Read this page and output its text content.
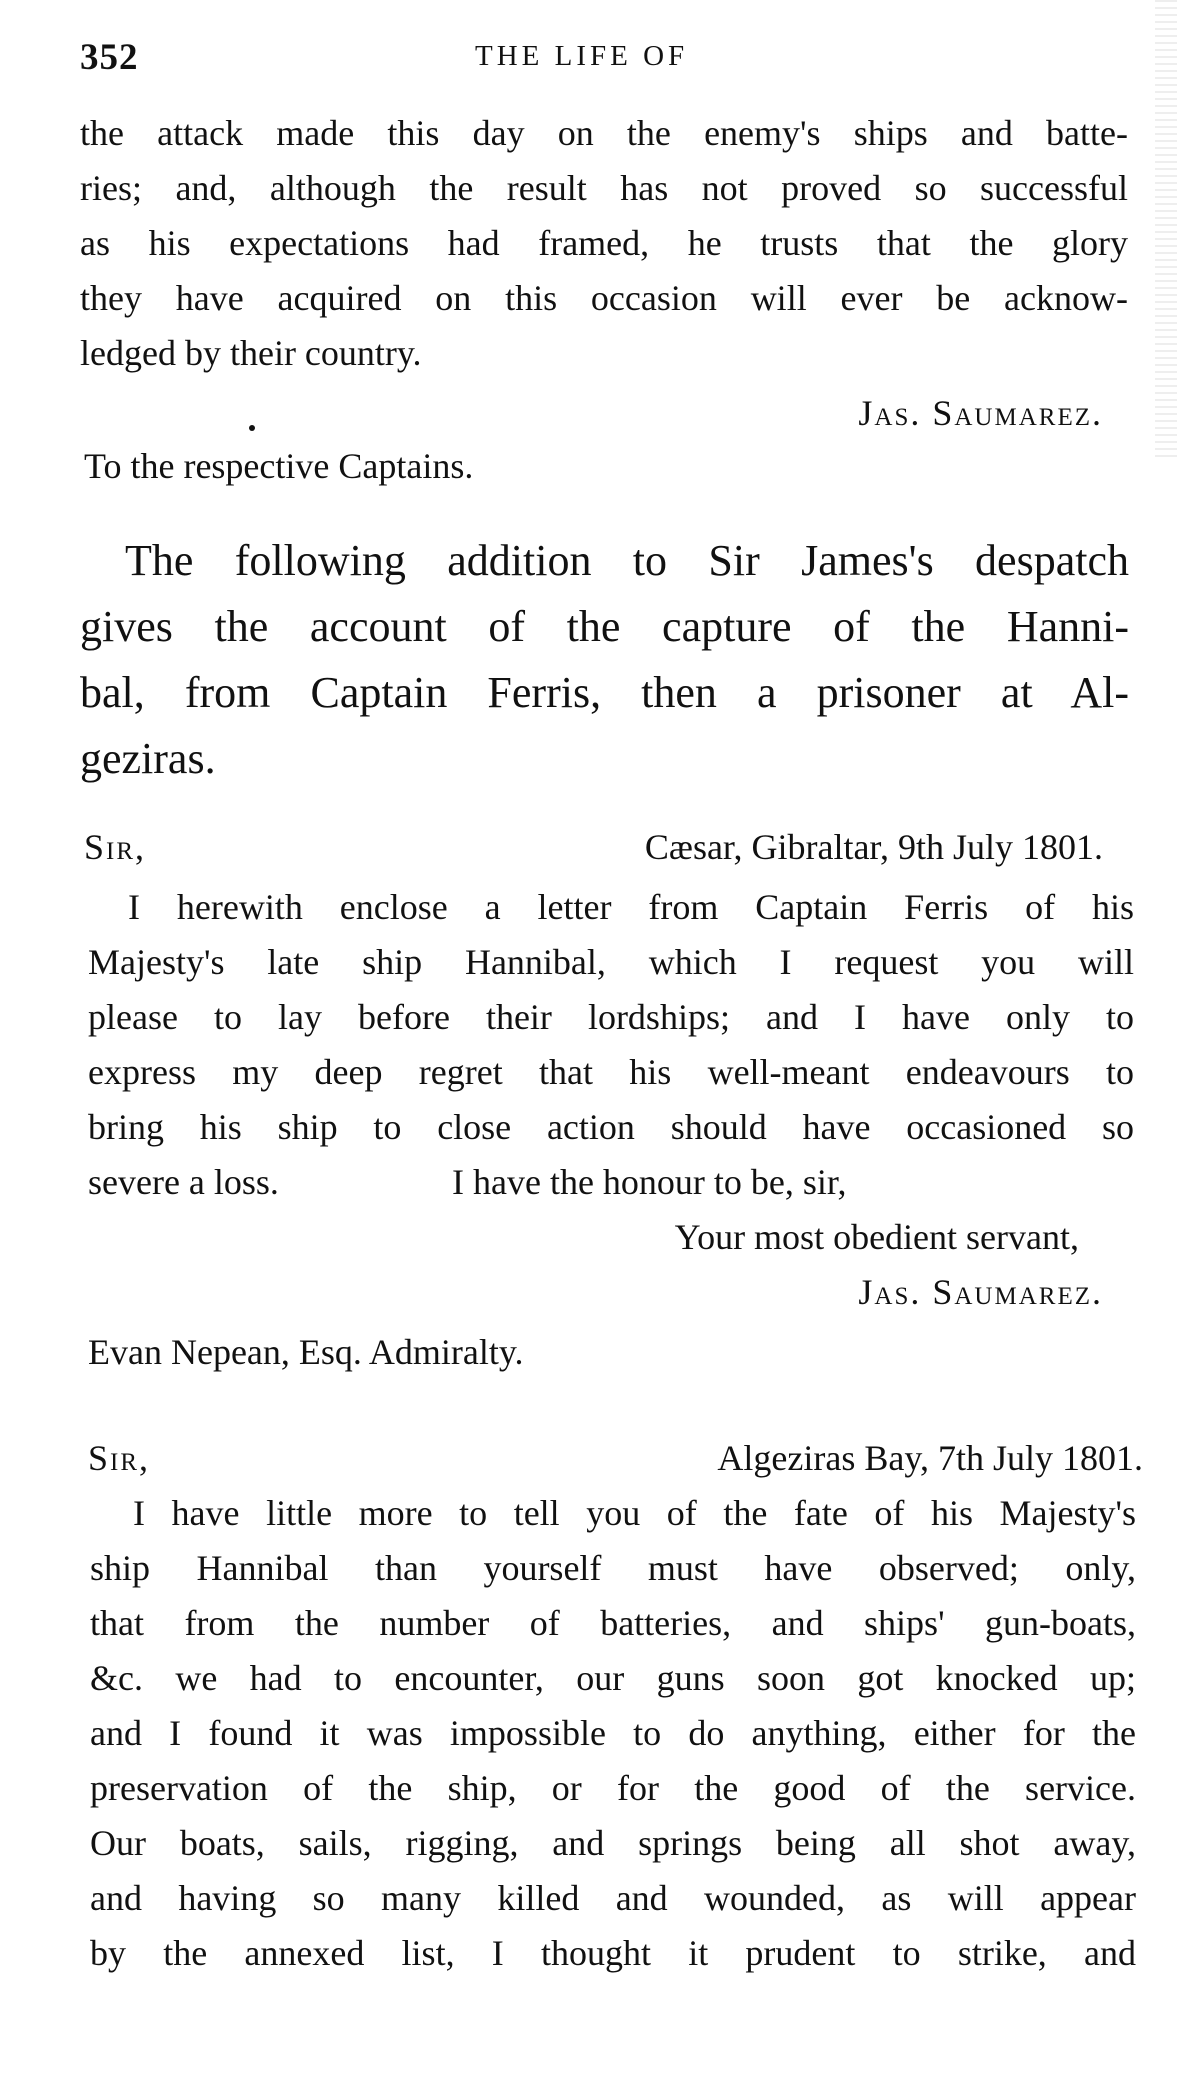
352	THE LIFE OF
the attack made this day on the enemy's ships and batte-
ries; and, although the result has not proved so successful
as his expectations had framed, he trusts that the glory
they have acquired on this occasion will ever be acknow-
ledged by their country.
Jas. Saumarez.
To the respective Captains.
The following addition to Sir James's despatch
gives the account of the capture of the Hanni-
bal, from Captain Ferris, then a prisoner at Al-
geziras.
Sir,	Cæsar, Gibraltar, 9th July 1801.
I herewith enclose a letter from Captain Ferris of his
Majesty's late ship Hannibal, which I request you will
please to lay before their lordships; and I have only to
express my deep regret that his well-meant endeavours to
bring his ship to close action should have occasioned so
severe a loss.	I have the honour to be, sir,
Your most obedient servant,
Jas. Saumarez.
Evan Nepean, Esq. Admiralty.
Sir,	Algeziras Bay, 7th July 1801.
I have little more to tell you of the fate of his Majesty's
ship Hannibal than yourself must have observed; only,
that from the number of batteries, and ships' gun-boats,
&c. we had to encounter, our guns soon got knocked up;
and I found it was impossible to do anything, either for the
preservation of the ship, or for the good of the service.
Our boats, sails, rigging, and springs being all shot away,
and having so many killed and wounded, as will appear
by the annexed list, I thought it prudent to strike, and
